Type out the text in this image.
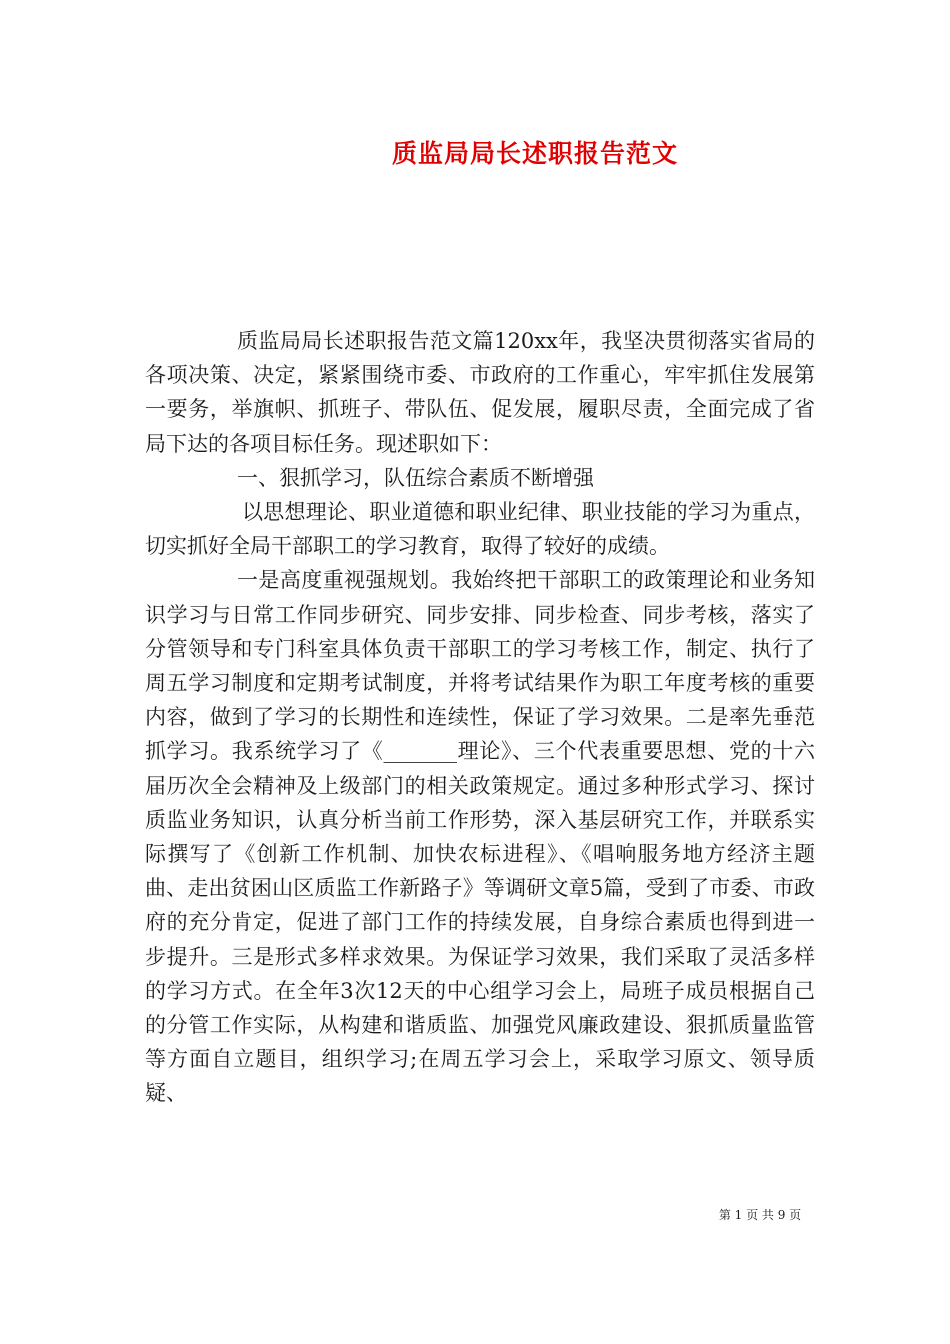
质监局局长述职报告范文

质监局局长述职报告范文篇120xx年，我坚决贯彻落实省局的各项决策、决定，紧紧围绕市委、市政府的工作重心，牢牢抓住发展第一要务，举旗帜、抓班子、带队伍、促发展，履职尽责，全面完成了省局下达的各项目标任务。现述职如下：

一、狠抓学习，队伍综合素质不断增强

以思想理论、职业道德和职业纪律、职业技能的学习为重点，切实抓好全局干部职工的学习教育，取得了较好的成绩。

一是高度重视强规划。我始终把干部职工的政策理论和业务知识学习与日常工作同步研究、同步安排、同步检查、同步考核，落实了分管领导和专门科室具体负责干部职工的学习考核工作，制定、执行了周五学习制度和定期考试制度，并将考试结果作为职工年度考核的重要内容，做到了学习的长期性和连续性，保证了学习效果。二是率先垂范抓学习。我系统学习了《_______理论》、三个代表重要思想、党的十六届历次全会精神及上级部门的相关政策规定。通过多种形式学习、探讨质监业务知识，认真分析当前工作形势，深入基层研究工作，并联系实际撰写了《创新工作机制、加快农标进程》、《唱响服务地方经济主题曲、走出贫困山区质监工作新路子》等调研文章5篇，受到了市委、市政府的充分肯定，促进了部门工作的持续发展，自身综合素质也得到进一步提升。三是形式多样求效果。为保证学习效果，我们采取了灵活多样的学习方式。在全年3次12天的中心组学习会上，局班子成员根据自己的分管工作实际，从构建和谐质监、加强党风廉政建设、狠抓质量监管等方面自立题目，组织学习;在周五学习会上，采取学习原文、领导质疑、

第 1 页 共 9 页
